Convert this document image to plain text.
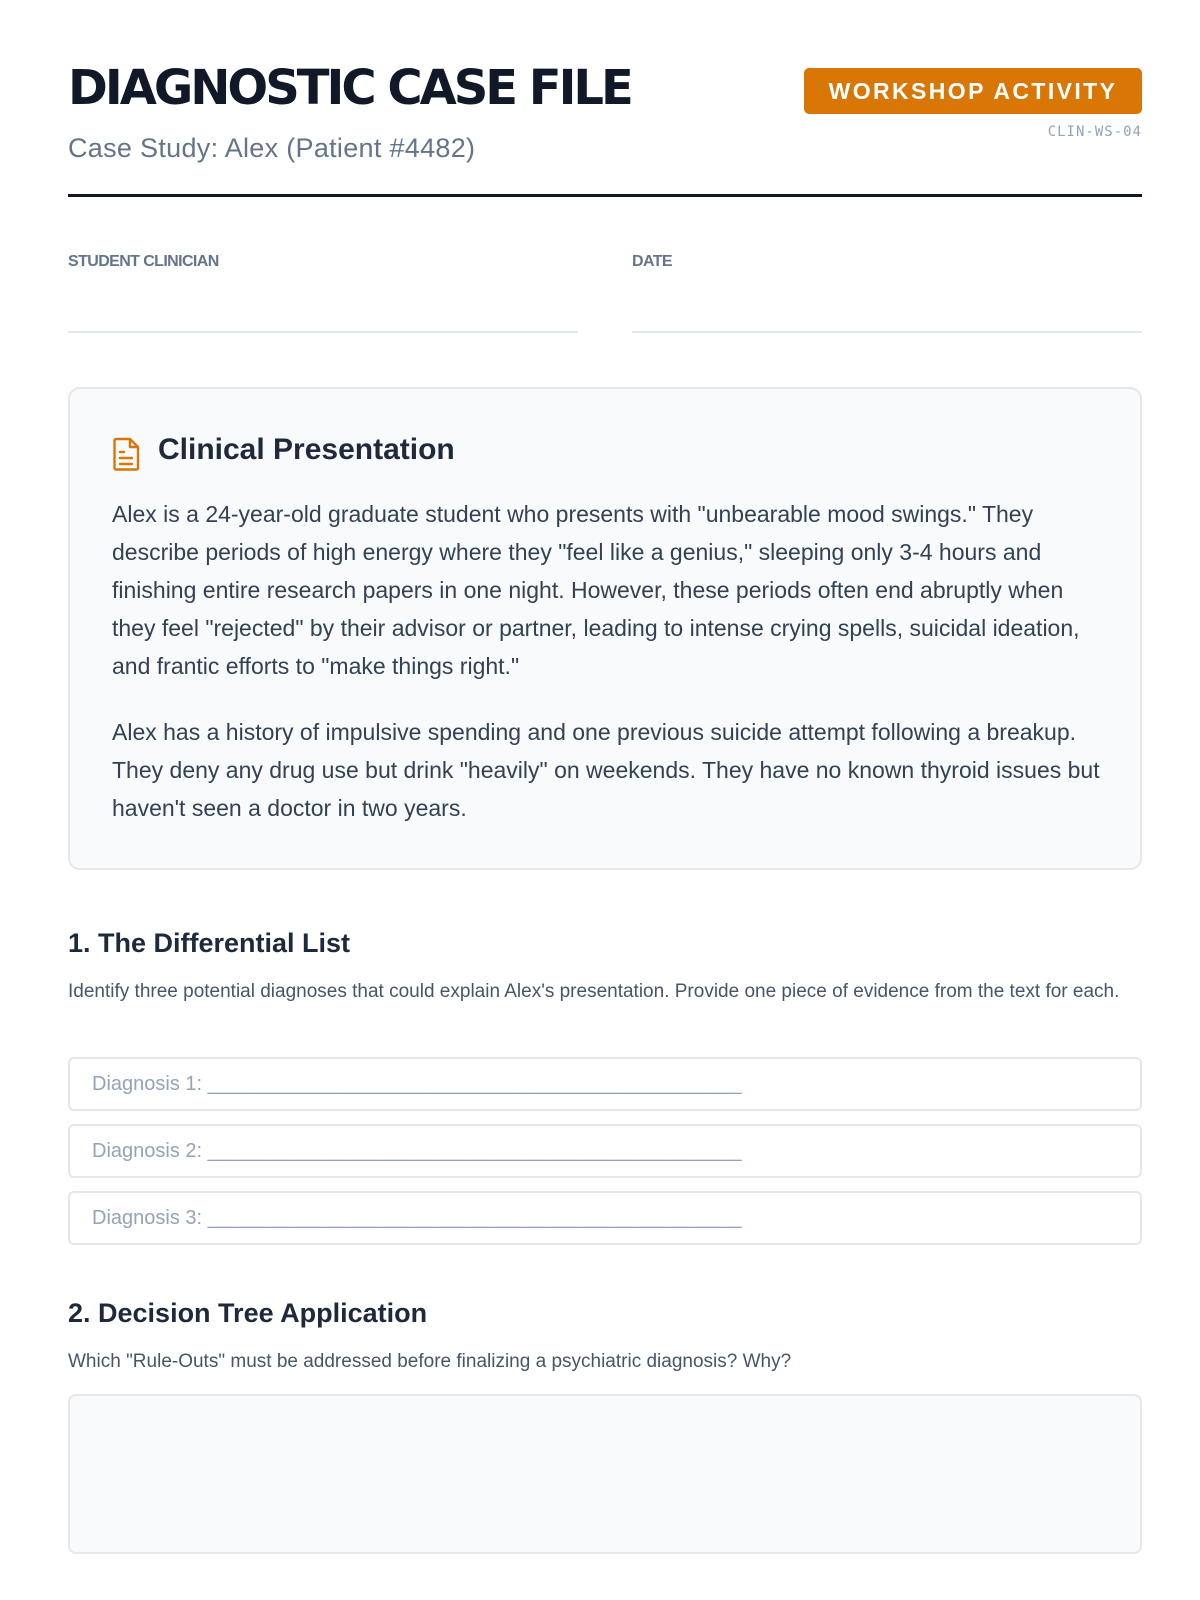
DIAGNOSTIC CASE FILE
Case Study: Alex (Patient #4482)
WORKSHOP ACTIVITY
CLIN-WS-04
STUDENT CLINICIAN	DATE
Clinical Presentation

Alex is a 24-year-old graduate student who presents with "unbearable mood swings." They describe periods of high energy where they "feel like a genius," sleeping only 3-4 hours and finishing entire research papers in one night. However, these periods often end abruptly when they feel "rejected" by their advisor or partner, leading to intense crying spells, suicidal ideation, and frantic efforts to "make things right."

Alex has a history of impulsive spending and one previous suicide attempt following a breakup. They deny any drug use but drink "heavily" on weekends. They have no known thyroid issues but haven't seen a doctor in two years.

1. The Differential List
Identify three potential diagnoses that could explain Alex's presentation. Provide one piece of evidence from the text for each.
Diagnosis 1: ________________________________________________
Diagnosis 2: ________________________________________________
Diagnosis 3: ________________________________________________
2. Decision Tree Application
Which "Rule-Outs" must be addressed before finalizing a psychiatric diagnosis? Why?
